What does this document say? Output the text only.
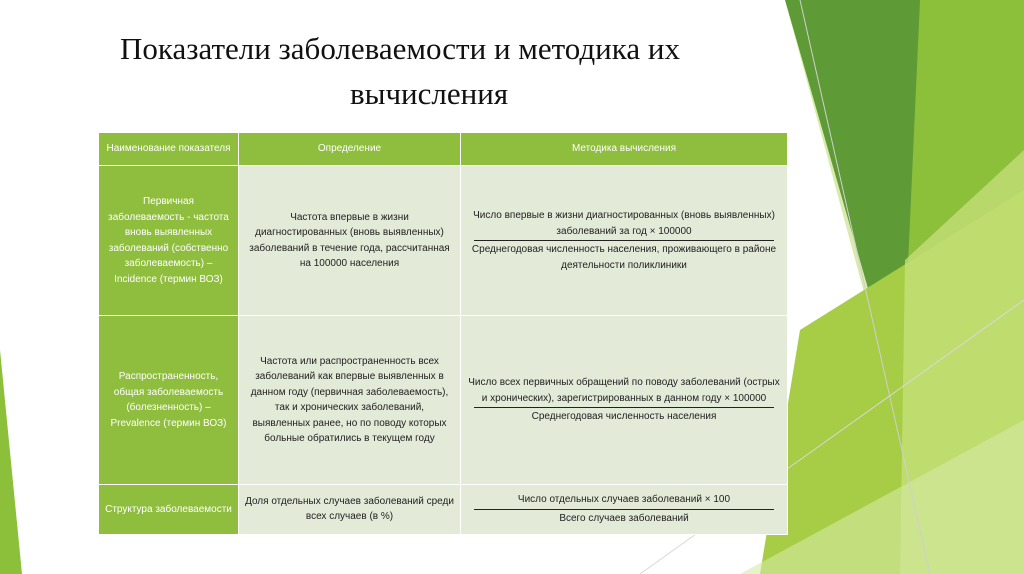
Показатели заболеваемости и методика их
вычисления
Наименование показателя	Определение	Методика вычисления
Первичная заболеваемость - частота вновь выявленных заболеваний (собственно заболеваемость) – Incidence (термин ВОЗ)	Частота впервые в жизни диагностированных (вновь выявленных) заболеваний в течение года, рассчитанная на 100000 населения	Число впервые в жизни диагностированных (вновь выявленных) заболеваний за год × 100000
Среднегодовая численность населения, проживающего в районе деятельности поликлиники

Распространенность, общая заболеваемость (болезненность) – Prevalence (термин ВОЗ)	Частота или распространенность всех заболеваний как впервые выявленных в данном году (первичная заболеваемость), так и хронических заболеваний, выявленных ранее, но по поводу которых больные обратились в текущем году	Число всех первичных обращений по поводу заболеваний (острых и хронических), зарегистрированных в данном году × 100000
Среднегодовая численность населения

Структура заболеваемости	Доля отдельных случаев заболеваний среди всех случаев (в %)	$\frac{\text{Число отдельных случаев заболеваний × 100}}{\text{Всего случаев заболеваний}}$
